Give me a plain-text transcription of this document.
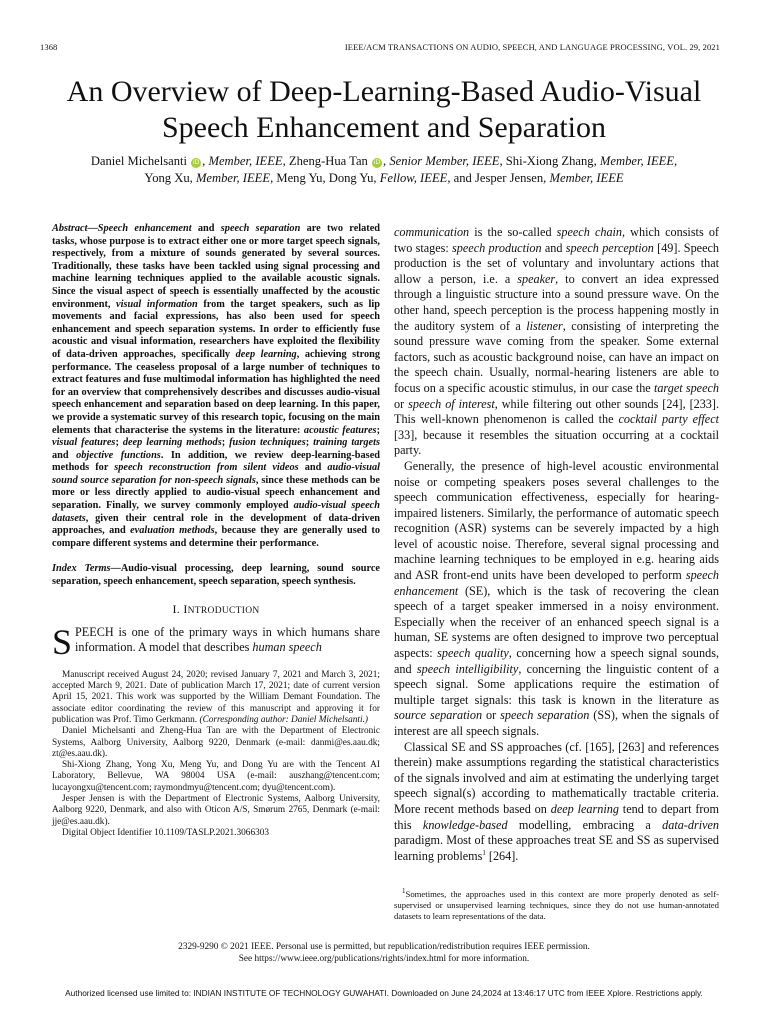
1368	IEEE/ACM TRANSACTIONS ON AUDIO, SPEECH, AND LANGUAGE PROCESSING, VOL. 29, 2021
An Overview of Deep-Learning-Based Audio-Visual
Speech Enhancement and Separation
Daniel Michelsanti iD , Member, IEEE, Zheng-Hua Tan iD , Senior Member, IEEE, Shi-Xiong Zhang, Member, IEEE,
Yong Xu, Member, IEEE, Meng Yu, Dong Yu, Fellow, IEEE, and Jesper Jensen, Member, IEEE
Abstract—Speech enhancement and speech separation are two related tasks, whose purpose is to extract either one or more target speech signals, respectively, from a mixture of sounds generated by several sources. Traditionally, these tasks have been tackled using signal processing and machine learning techniques applied to the available acoustic signals. Since the visual aspect of speech is essentially unaffected by the acoustic environment, visual information from the target speakers, such as lip movements and facial expressions, has also been used for speech enhancement and speech separation systems. In order to efficiently fuse acoustic and visual information, researchers have exploited the flexibility of data-driven approaches, specifically deep learning, achieving strong performance. The ceaseless proposal of a large number of techniques to extract features and fuse multimodal information has highlighted the need for an overview that comprehensively describes and discusses audio-visual speech enhancement and separation based on deep learning. In this paper, we provide a systematic survey of this research topic, focusing on the main elements that characterise the systems in the literature: acoustic features; visual features; deep learning methods; fusion techniques; training targets and objective functions. In addition, we review deep-learning-based methods for speech reconstruction from silent videos and audio-visual sound source separation for non-speech signals, since these methods can be more or less directly applied to audio-visual speech enhancement and separation. Finally, we survey commonly employed audio-visual speech datasets, given their central role in the development of data-driven approaches, and evaluation methods, because they are generally used to compare different systems and determine their performance.
Index Terms—Audio-visual processing, deep learning, sound source separation, speech enhancement, speech separation, speech synthesis.
I. INTRODUCTION
SPEECH is one of the primary ways in which humans share information. A model that describes human speech

Manuscript received August 24, 2020; revised January 7, 2021 and March 3, 2021; accepted March 9, 2021. Date of publication March 17, 2021; date of current version April 15, 2021. This work was supported by the William Demant Foundation. The associate editor coordinating the review of this manuscript and approving it for publication was Prof. Timo Gerkmann. (Corresponding author: Daniel Michelsanti.)

Daniel Michelsanti and Zheng-Hua Tan are with the Department of Electronic Systems, Aalborg University, Aalborg 9220, Denmark (e-mail: danmi@es.aau.dk; zt@es.aau.dk).

Shi-Xiong Zhang, Yong Xu, Meng Yu, and Dong Yu are with the Tencent AI Laboratory, Bellevue, WA 98004 USA (e-mail: auszhang@tencent.com; lucayongxu@tencent.com; raymondmyu@tencent.com; dyu@tencent.com).

Jesper Jensen is with the Department of Electronic Systems, Aalborg University, Aalborg 9220, Denmark, and also with Oticon A/S, Smørum 2765, Denmark (e-mail: jje@es.aau.dk).

Digital Object Identifier 10.1109/TASLP.2021.3066303

communication is the so-called speech chain, which consists of two stages: speech production and speech perception [49]. Speech production is the set of voluntary and involuntary actions that allow a person, i.e. a speaker, to convert an idea expressed through a linguistic structure into a sound pressure wave. On the other hand, speech perception is the process happening mostly in the auditory system of a listener, consisting of interpreting the sound pressure wave coming from the speaker. Some external factors, such as acoustic background noise, can have an impact on the speech chain. Usually, normal-hearing listeners are able to focus on a specific acoustic stimulus, in our case the target speech or speech of interest, while filtering out other sounds [24], [233]. This well-known phenomenon is called the cocktail party effect [33], because it resembles the situation occurring at a cocktail party.

Generally, the presence of high-level acoustic environmental noise or competing speakers poses several challenges to the speech communication effectiveness, especially for hearing-impaired listeners. Similarly, the performance of automatic speech recognition (ASR) systems can be severely impacted by a high level of acoustic noise. Therefore, several signal processing and machine learning techniques to be employed in e.g. hearing aids and ASR front-end units have been developed to perform speech enhancement (SE), which is the task of recovering the clean speech of a target speaker immersed in a noisy environment. Especially when the receiver of an enhanced speech signal is a human, SE systems are often designed to improve two perceptual aspects: speech quality, concerning how a speech signal sounds, and speech intelligibility, concerning the linguistic content of a speech signal. Some applications require the estimation of multiple target signals: this task is known in the literature as source separation or speech separation (SS), when the signals of interest are all speech signals.

Classical SE and SS approaches (cf. [165], [263] and references therein) make assumptions regarding the statistical characteristics of the signals involved and aim at estimating the underlying target speech signal(s) according to mathematically tractable criteria. More recent methods based on deep learning tend to depart from this knowledge-based modelling, embracing a data-driven paradigm. Most of these approaches treat SE and SS as supervised learning problems$^1$ [264].

$^1$Sometimes, the approaches used in this context are more properly denoted as self-supervised or unsupervised learning techniques, since they do not use human-annotated datasets to learn representations of the data.
2329-9290 © 2021 IEEE. Personal use is permitted, but republication/redistribution requires IEEE permission.
See https://www.ieee.org/publications/rights/index.html for more information.
Authorized licensed use limited to: INDIAN INSTITUTE OF TECHNOLOGY GUWAHATI. Downloaded on June 24,2024 at 13:46:17 UTC from IEEE Xplore. Restrictions apply.
